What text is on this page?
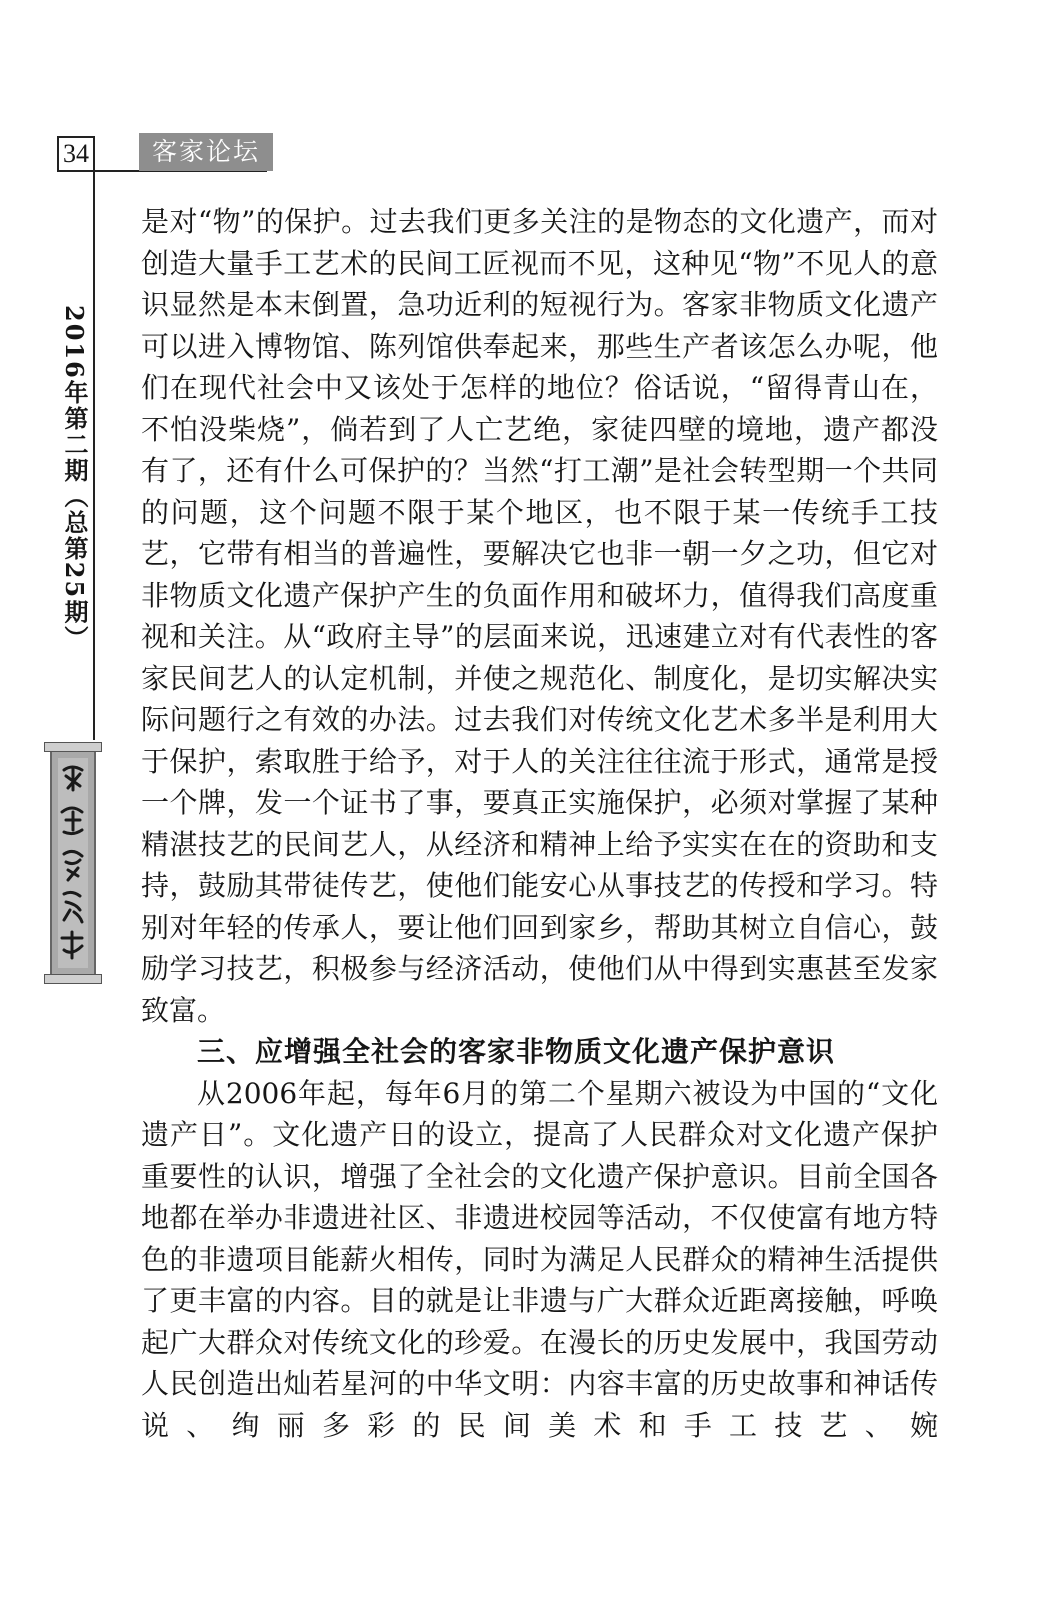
34	客家论坛
2016年第二期（总第25期）

是对“物”的保护。过去我们更多关注的是物态的文化遗产，而对创造大量手工艺术的民间工匠视而不见，这种见“物”不见人的意识显然是本末倒置，急功近利的短视行为。客家非物质文化遗产可以进入博物馆、陈列馆供奉起来，那些生产者该怎么办呢，他们在现代社会中又该处于怎样的地位？俗话说，“留得青山在，不怕没柴烧”，倘若到了人亡艺绝，家徒四壁的境地，遗产都没有了，还有什么可保护的？当然“打工潮”是社会转型期一个共同的问题，这个问题不限于某个地区，也不限于某一传统手工技艺，它带有相当的普遍性，要解决它也非一朝一夕之功，但它对非物质文化遗产保护产生的负面作用和破坏力，值得我们高度重视和关注。从“政府主导”的层面来说，迅速建立对有代表性的客家民间艺人的认定机制，并使之规范化、制度化，是切实解决实际问题行之有效的办法。过去我们对传统文化艺术多半是利用大于保护，索取胜于给予，对于人的关注往往流于形式，通常是授一个牌，发一个证书了事，要真正实施保护，必须对掌握了某种精湛技艺的民间艺人，从经济和精神上给予实实在在的资助和支持，鼓励其带徒传艺，使他们能安心从事技艺的传授和学习。特别对年轻的传承人，要让他们回到家乡，帮助其树立自信心，鼓励学习技艺，积极参与经济活动，使他们从中得到实惠甚至发家致富。

三、应增强全社会的客家非物质文化遗产保护意识

从2006年起，每年6月的第二个星期六被设为中国的“文化遗产日”。文化遗产日的设立，提高了人民群众对文化遗产保护重要性的认识，增强了全社会的文化遗产保护意识。目前全国各地都在举办非遗进社区、非遗进校园等活动，不仅使富有地方特色的非遗项目能薪火相传，同时为满足人民群众的精神生活提供了更丰富的内容。目的就是让非遗与广大群众近距离接触，呼唤起广大群众对传统文化的珍爱。在漫长的历史发展中，我国劳动人民创造出灿若星河的中华文明：内容丰富的历史故事和神话传说、绚丽多彩的民间美术和手工技艺、婉
